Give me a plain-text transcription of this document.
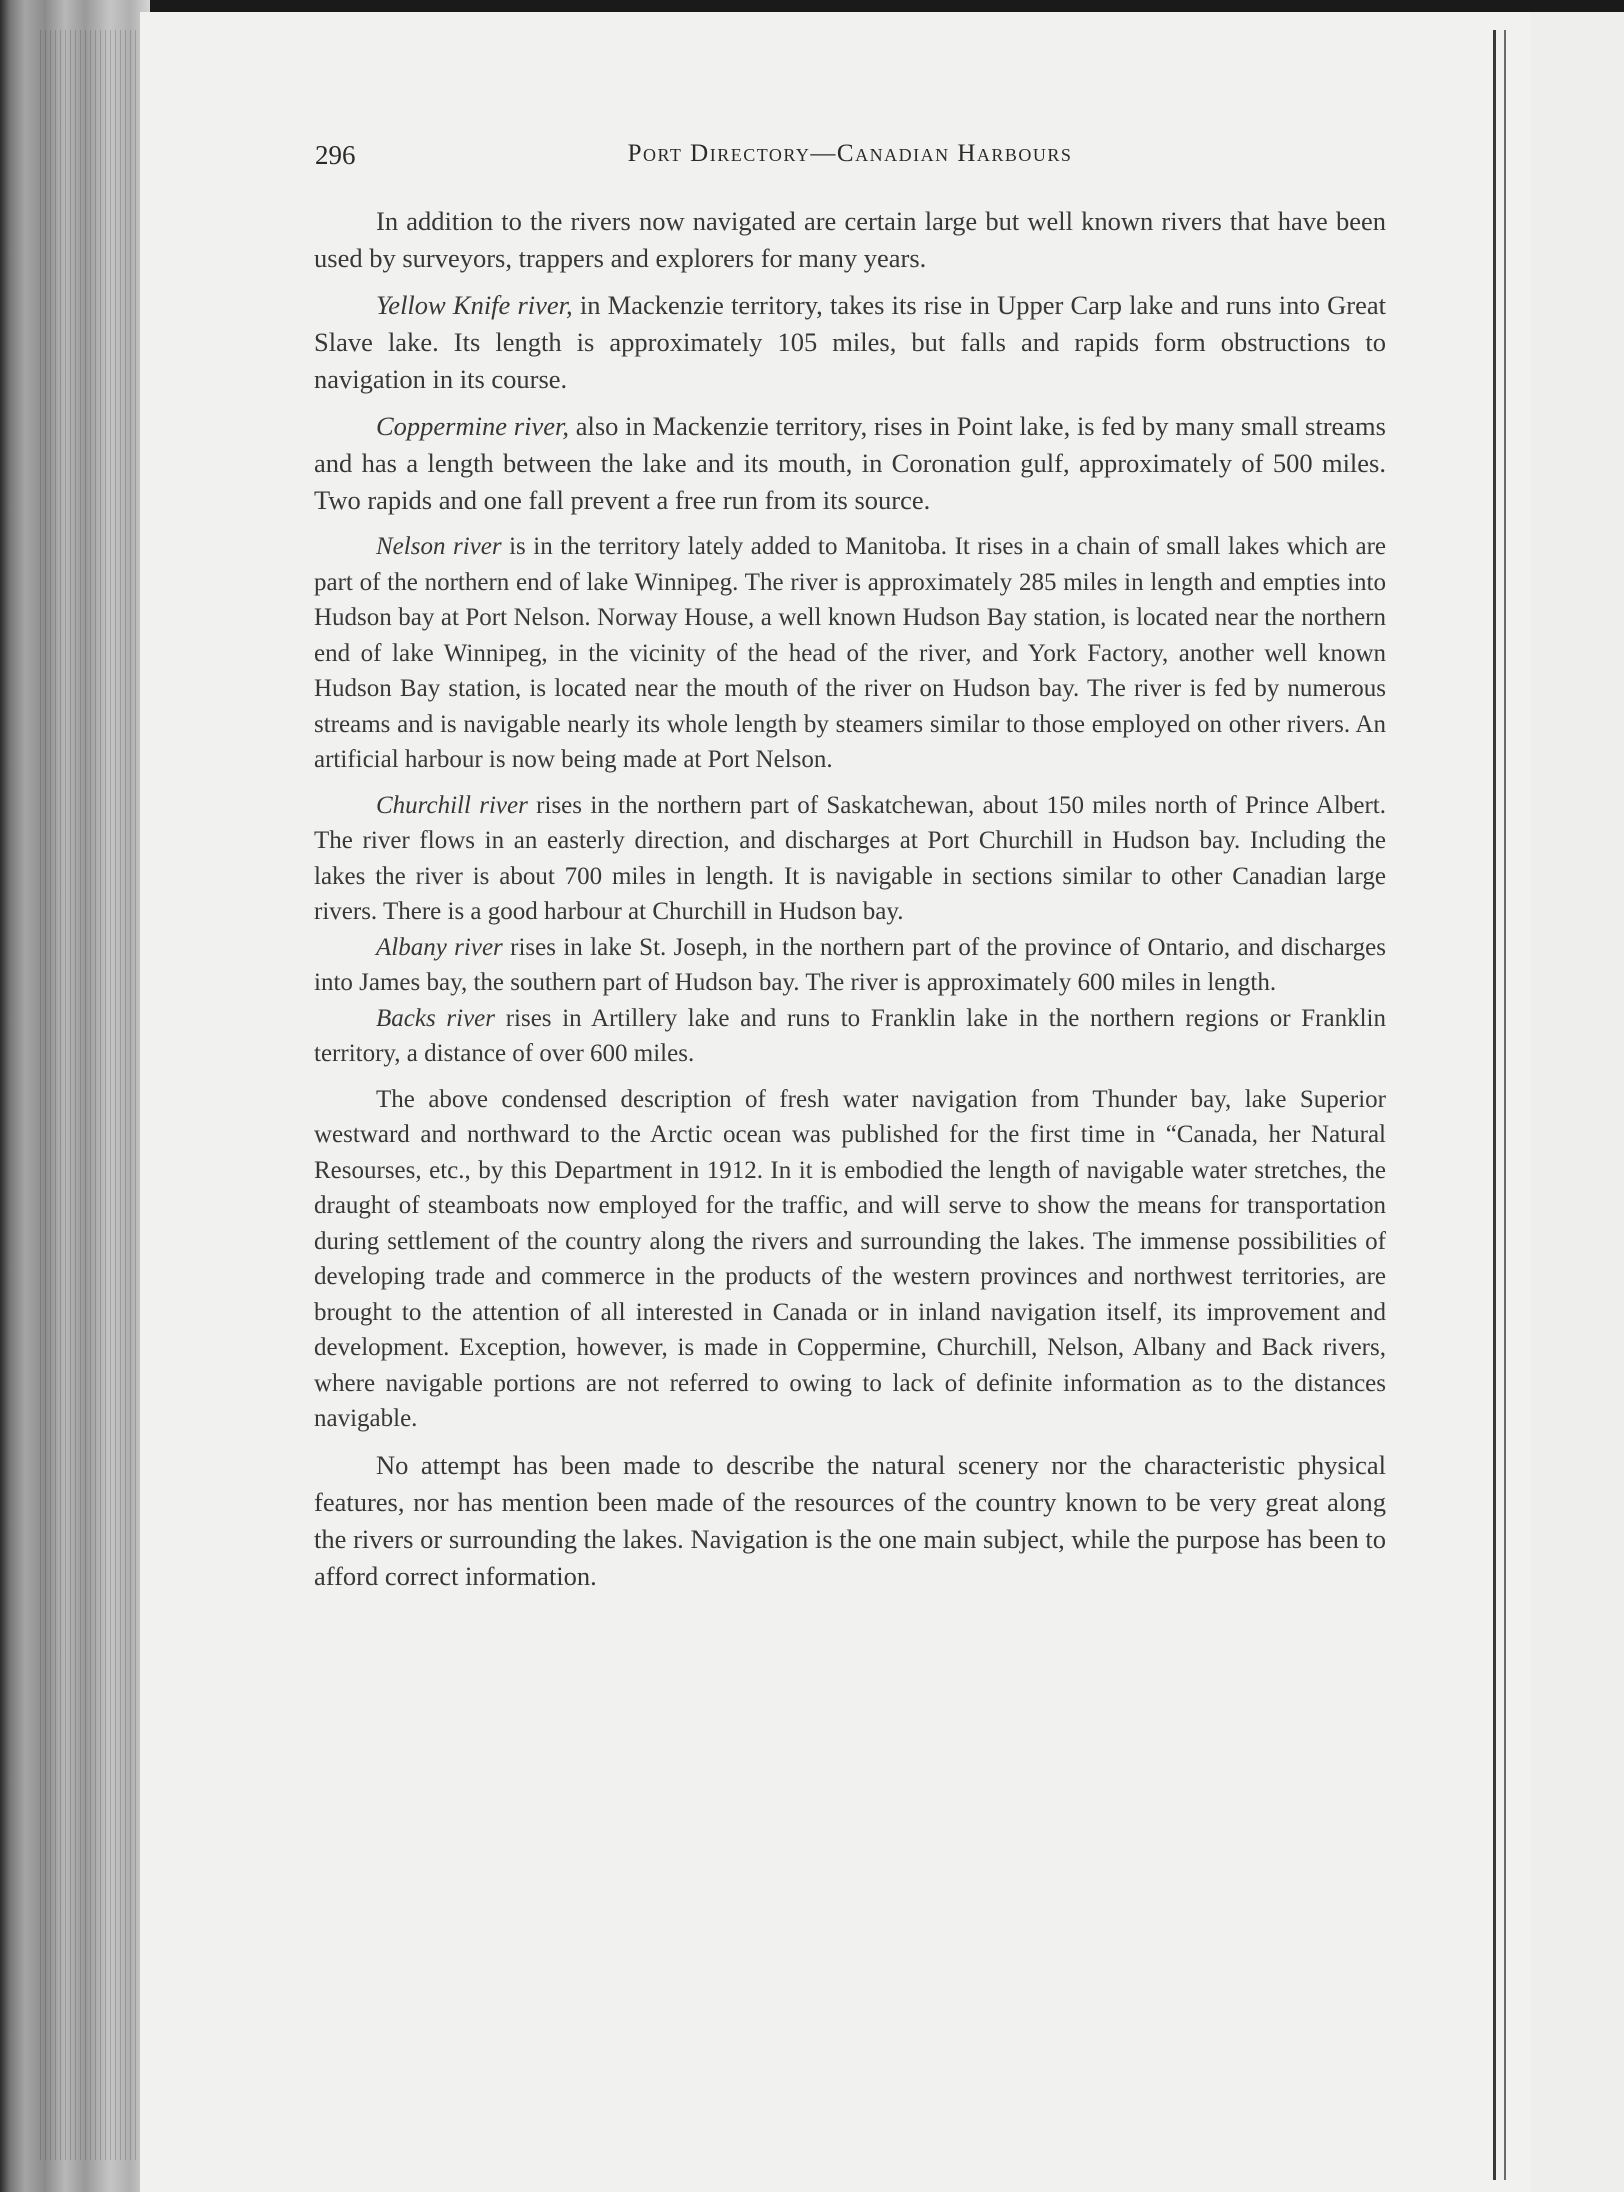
296	Port Directory—Canadian Harbours

In addition to the rivers now navigated are certain large but well known rivers that have been used by surveyors, trappers and explorers for many years.

Yellow Knife river, in Mackenzie territory, takes its rise in Upper Carp lake and runs into Great Slave lake. Its length is approximately 105 miles, but falls and rapids form obstructions to navigation in its course.

Coppermine river, also in Mackenzie territory, rises in Point lake, is fed by many small streams and has a length between the lake and its mouth, in Coronation gulf, approximately of 500 miles. Two rapids and one fall prevent a free run from its source.

Nelson river is in the territory lately added to Manitoba. It rises in a chain of small lakes which are part of the northern end of lake Winnipeg. The river is approximately 285 miles in length and empties into Hudson bay at Port Nelson. Norway House, a well known Hudson Bay station, is located near the northern end of lake Winnipeg, in the vicinity of the head of the river, and York Factory, another well known Hudson Bay station, is located near the mouth of the river on Hudson bay. The river is fed by numerous streams and is navigable nearly its whole length by steamers similar to those employed on other rivers. An artificial harbour is now being made at Port Nelson.

Churchill river rises in the northern part of Saskatchewan, about 150 miles north of Prince Albert. The river flows in an easterly direction, and discharges at Port Churchill in Hudson bay. Including the lakes the river is about 700 miles in length. It is navigable in sections similar to other Canadian large rivers. There is a good harbour at Churchill in Hudson bay.

Albany river rises in lake St. Joseph, in the northern part of the province of Ontario, and discharges into James bay, the southern part of Hudson bay. The river is approximately 600 miles in length.

Backs river rises in Artillery lake and runs to Franklin lake in the northern regions or Franklin territory, a distance of over 600 miles.

The above condensed description of fresh water navigation from Thunder bay, lake Superior westward and northward to the Arctic ocean was published for the first time in “Canada, her Natural Resourses, etc., by this Department in 1912. In it is embodied the length of navigable water stretches, the draught of steamboats now employed for the traffic, and will serve to show the means for transportation during settlement of the country along the rivers and surrounding the lakes. The immense possibilities of developing trade and commerce in the products of the western provinces and northwest territories, are brought to the attention of all interested in Canada or in inland navigation itself, its improvement and development. Exception, however, is made in Coppermine, Churchill, Nelson, Albany and Back rivers, where navigable portions are not referred to owing to lack of definite information as to the distances navigable.

No attempt has been made to describe the natural scenery nor the characteristic physical features, nor has mention been made of the resources of the country known to be very great along the rivers or surrounding the lakes. Navigation is the one main subject, while the purpose has been to afford correct information.
